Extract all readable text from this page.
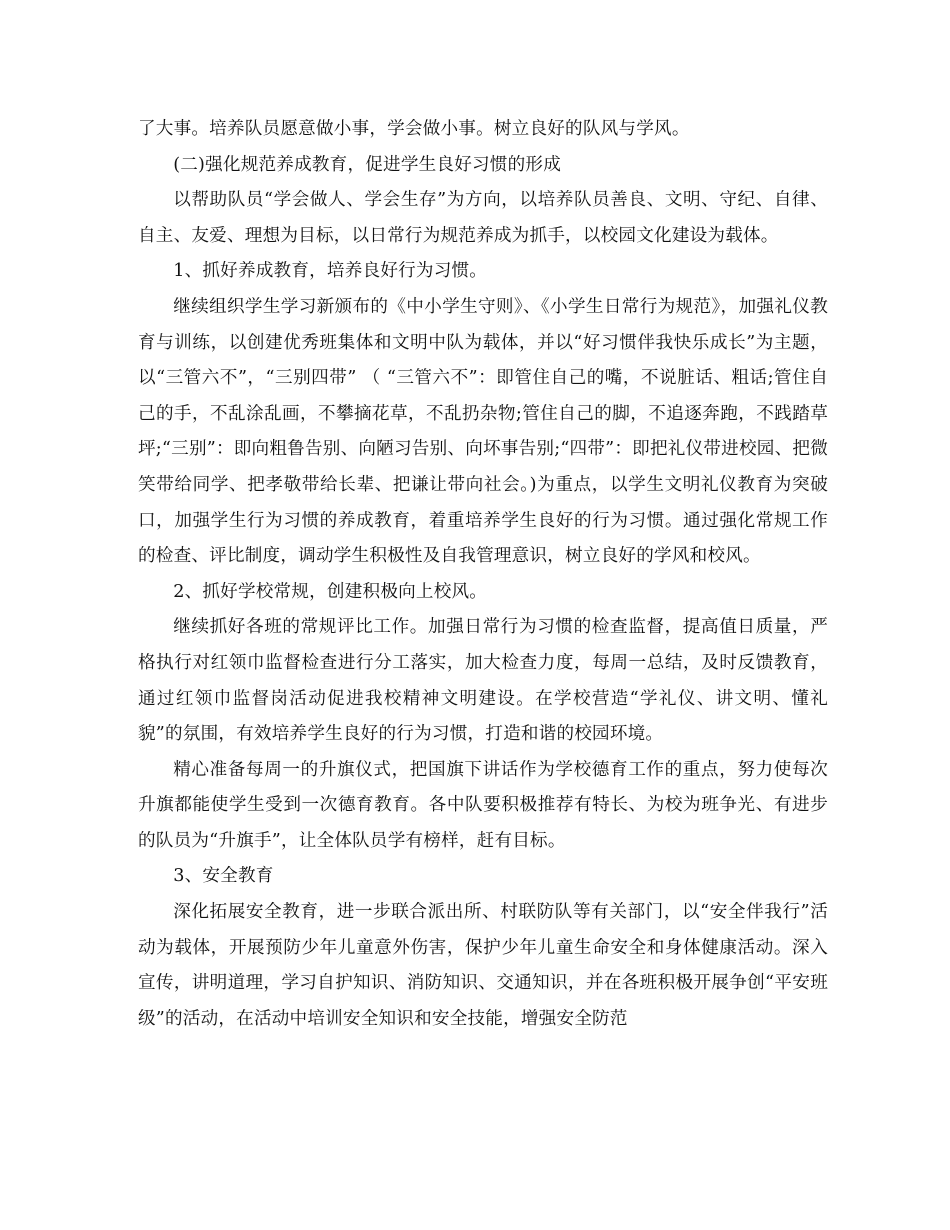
了大事。培养队员愿意做小事，学会做小事。树立良好的队风与学风。

(二)强化规范养成教育，促进学生良好习惯的形成

以帮助队员“学会做人、学会生存”为方向，以培养队员善良、文明、守纪、自律、自主、友爱、理想为目标，以日常行为规范养成为抓手，以校园文化建设为载体。

1、抓好养成教育，培养良好行为习惯。

继续组织学生学习新颁布的《中小学生守则》、《小学生日常行为规范》，加强礼仪教育与训练，以创建优秀班集体和文明中队为载体，并以“好习惯伴我快乐成长”为主题，以“三管六不”，“三别四带” （ “三管六不”：即管住自己的嘴，不说脏话、粗话;管住自己的手，不乱涂乱画，不攀摘花草，不乱扔杂物;管住自己的脚，不追逐奔跑，不践踏草坪;“三别”：即向粗鲁告别、向陋习告别、向坏事告别;“四带”：即把礼仪带进校园、把微笑带给同学、把孝敬带给长辈、把谦让带向社会。)为重点，以学生文明礼仪教育为突破口，加强学生行为习惯的养成教育，着重培养学生良好的行为习惯。通过强化常规工作的检查、评比制度，调动学生积极性及自我管理意识，树立良好的学风和校风。

2、抓好学校常规，创建积极向上校风。

继续抓好各班的常规评比工作。加强日常行为习惯的检查监督，提高值日质量，严格执行对红领巾监督检查进行分工落实，加大检查力度，每周一总结，及时反馈教育，通过红领巾监督岗活动促进我校精神文明建设。在学校营造“学礼仪、讲文明、懂礼貌”的氛围，有效培养学生良好的行为习惯，打造和谐的校园环境。

精心准备每周一的升旗仪式，把国旗下讲话作为学校德育工作的重点，努力使每次升旗都能使学生受到一次德育教育。各中队要积极推荐有特长、为校为班争光、有进步的队员为“升旗手”，让全体队员学有榜样，赶有目标。

3、安全教育

深化拓展安全教育，进一步联合派出所、村联防队等有关部门，以“安全伴我行”活动为载体，开展预防少年儿童意外伤害，保护少年儿童生命安全和身体健康活动。深入宣传，讲明道理，学习自护知识、消防知识、交通知识，并在各班积极开展争创“平安班级”的活动，在活动中培训安全知识和安全技能，增强安全防范
